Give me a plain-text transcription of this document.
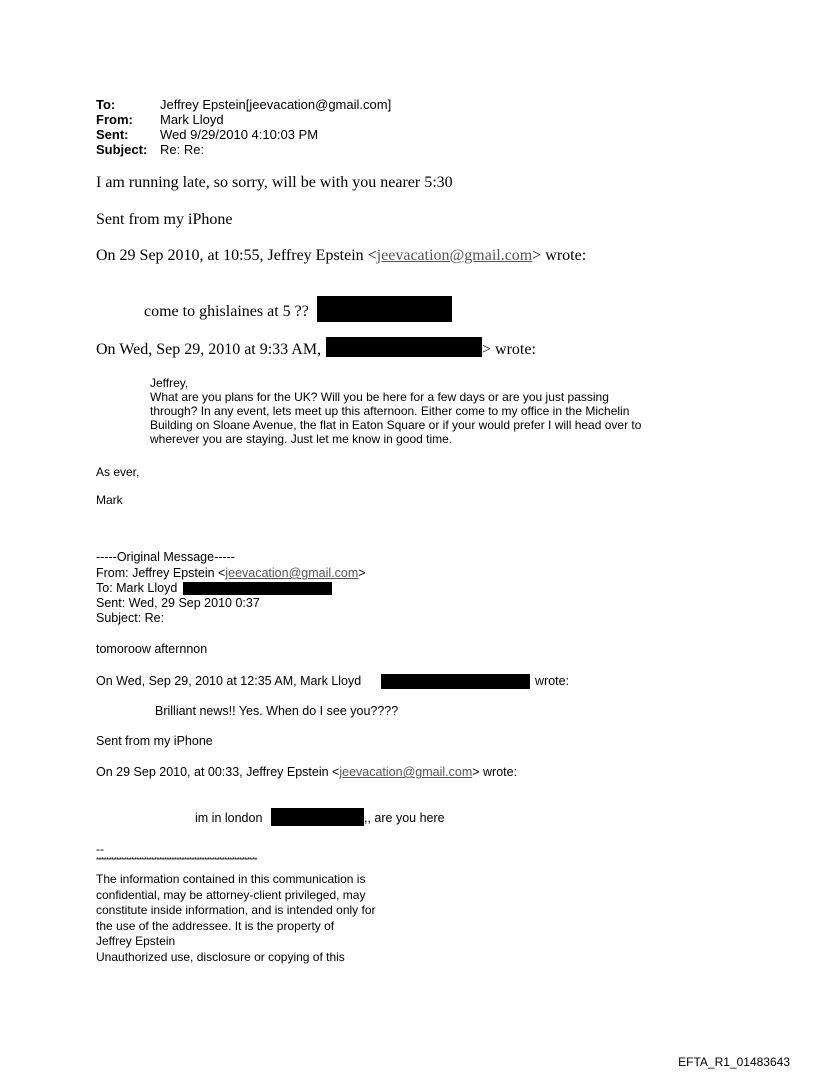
To:	Jeffrey Epstein[jeevacation@gmail.com]
From: Mark Lloyd
Sent: Wed 9/29/2010 4:10:03 PM
Subject: Re: Re:
I am running late, so sorry, will be with you nearer 5:30
Sent from my iPhone
On 29 Sep 2010, at 10:55, Jeffrey Epstein <jeevacation@gmail.com> wrote:
come to ghislaines at 5 ??
On Wed, Sep 29, 2010 at 9:33 AM,	> wrote:
Jeffrey,
What are you plans for the UK? Will you be here for a few days or are you just passing
through? In any event, lets meet up this afternoon. Either come to my office in the Michelin
Building on Sloane Avenue, the flat in Eaton Square or if your would prefer I will head over to
wherever you are staying. Just let me know in good time.
As ever,
Mark
-----Original Message-----
From: Jeffrey Epstein <jeevacation@gmail.com>
To: Mark Lloyd
Sent: Wed, 29 Sep 2010 0:37
Subject: Re:
tomoroow afternnon
On Wed, Sep 29, 2010 at 12:35 AM, Mark Lloyd	wrote:
Brilliant news!! Yes. When do I see you????
Sent from my iPhone
On 29 Sep 2010, at 00:33, Jeffrey Epstein <jeevacation@gmail.com> wrote:
im in london	,, are you here
--
****************************************************************
The information contained in this communication is
confidential, may be attorney-client privileged, may
constitute inside information, and is intended only for
the use of the addressee. It is the property of
Jeffrey Epstein
Unauthorized use, disclosure or copying of this
EFTA_R1_01483643
